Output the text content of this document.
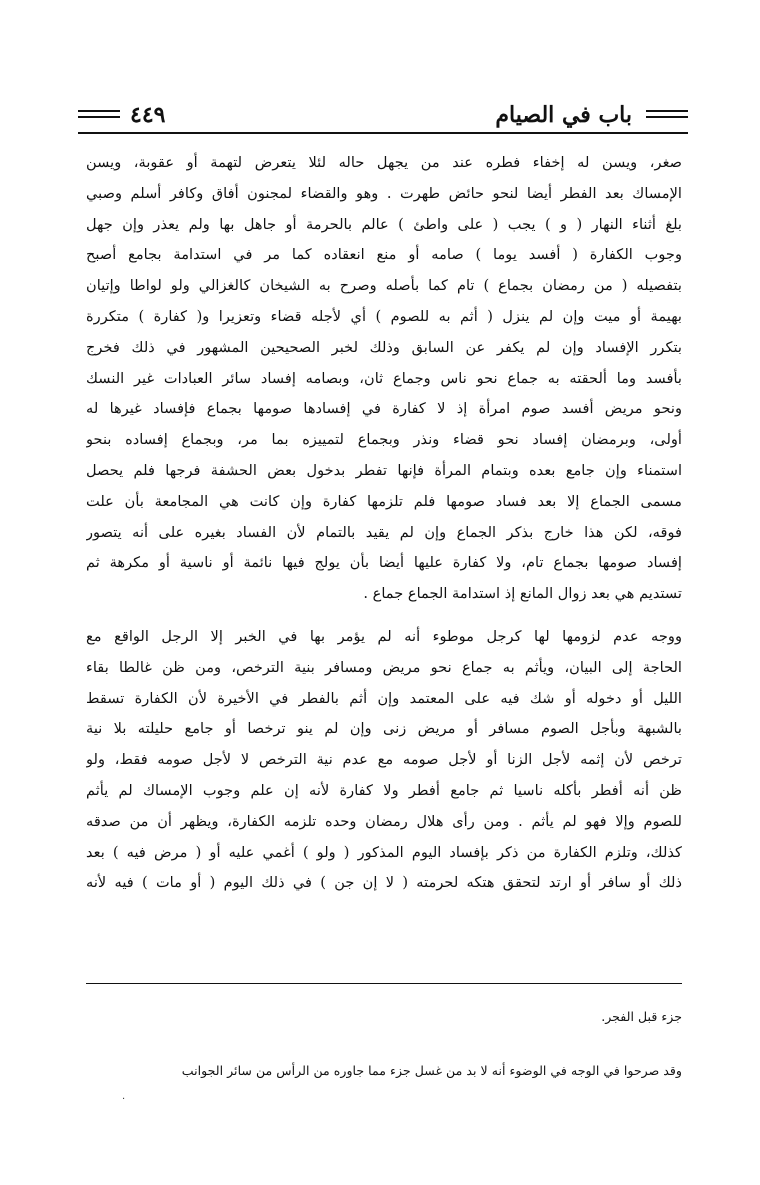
باب في الصيام
٤٤٩
صغر، ويسن له إخفاء فطره عند من يجهل حاله لئلا يتعرض لتهمة أو عقوبة، ويسن
الإمساك بعد الفطر أيضا لنحو حائض طهرت . وهو والقضاء لمجنون أفاق وكافر أسلم وصبي
بلغ أثناء النهار ( و ) يجب ( على واطئ ) عالم بالحرمة أو جاهل بها ولم يعذر وإن جهل
وجوب الكفارة ( أفسد يوما ) صامه أو منع انعقاده كما مر في استدامة بجامع أصبح
بتفصيله ( من رمضان بجماع ) تام كما بأصله وصرح به الشيخان كالغزالي ولو لواطا وإتيان
بهيمة أو ميت وإن لم ينزل ( أثم به للصوم ) أي لأجله قضاء وتعزيرا و( كفارة ) متكررة
بتكرر الإفساد وإن لم يكفر عن السابق وذلك لخبر الصحيحين المشهور في ذلك فخرج
بأفسد وما ألحقته به جماع نحو ناس وجماع ثان، وبصامه إفساد سائر العبادات غير النسك
ونحو مريض أفسد صوم امرأة إذ لا كفارة في إفسادها صومها بجماع فإفساد غيرها له
أولى، وبرمضان إفساد نحو قضاء ونذر وبجماع لتمييزه بما مر، وبجماع إفساده بنحو
استمناء وإن جامع بعده وبتمام المرأة فإنها تفطر بدخول بعض الحشفة فرجها فلم يحصل
مسمى الجماع إلا بعد فساد صومها فلم تلزمها كفارة وإن كانت هي المجامعة بأن علت
فوقه، لكن هذا خارج بذكر الجماع وإن لم يقيد بالتمام لأن الفساد بغيره على أنه يتصور
إفساد صومها بجماع تام، ولا كفارة عليها أيضا بأن يولج فيها نائمة أو ناسية أو مكرهة ثم
تستديم هي بعد زوال المانع إذ استدامة الجماع جماع .
ووجه عدم لزومها لها كرجل موطوء أنه لم يؤمر بها في الخبر إلا الرجل الواقع مع
الحاجة إلى البيان، ويأثم به جماع نحو مريض ومسافر بنية الترخص، ومن ظن غالطا بقاء
الليل أو دخوله أو شك فيه على المعتمد وإن أثم بالفطر في الأخيرة لأن الكفارة تسقط
بالشبهة وبأجل الصوم مسافر أو مريض زنى وإن لم ينو ترخصا أو جامع حليلته بلا نية
ترخص لأن إثمه لأجل الزنا أو لأجل صومه مع عدم نية الترخص لا لأجل صومه فقط، ولو
ظن أنه أفطر بأكله ناسيا ثم جامع أفطر ولا كفارة لأنه إن علم وجوب الإمساك لم يأثم
للصوم وإلا فهو لم يأثم . ومن رأى هلال رمضان وحده تلزمه الكفارة، ويظهر أن من صدقه
كذلك، وتلزم الكفارة من ذكر بإفساد اليوم المذكور ( ولو ) أغمي عليه أو ( مرض فيه ) بعد
ذلك أو سافر أو ارتد لتحقق هتكه لحرمته ( لا إن جن ) في ذلك اليوم ( أو مات ) فيه لأنه
جزء قبل الفجر.
وقد صرحوا في الوجه في الوضوء أنه لا بد من غسل جزء مما جاوره من الرأس من سائر الجوانب
·
